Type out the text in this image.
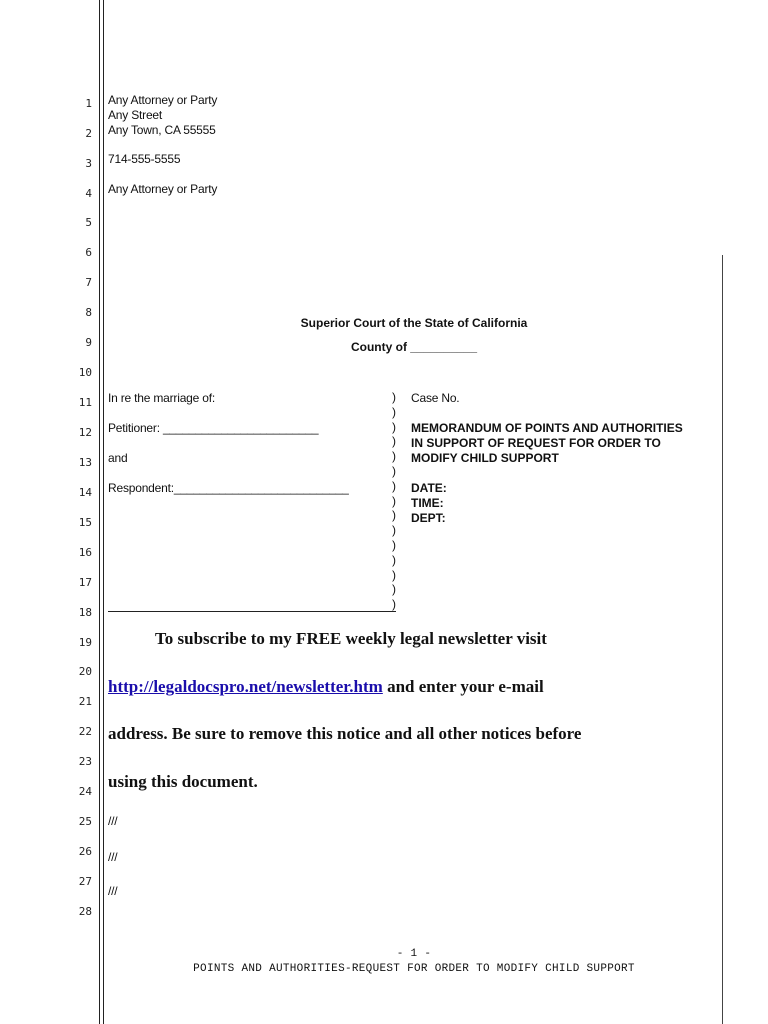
1
2
3
4
5
6
7
8
9
10
11
12
13
14
15
16
17
18
19
20
21
22
23
24
25
26
27
28
Any Attorney or Party
Any Street
Any Town, CA 55555
714-555-5555
Any Attorney or Party
Superior Court of the State of California
County of __________
In re the marriage of:
Petitioner: ________________________
and
Respondent:___________________________
)
)
)
)
)
)
)
)
)
)
)
)
)
)
)
Case No.
MEMORANDUM OF POINTS AND AUTHORITIES
IN SUPPORT OF REQUEST FOR ORDER TO
MODIFY CHILD SUPPORT
DATE:
TIME:
DEPT:
To subscribe to my FREE weekly legal newsletter visit
http://legaldocspro.net/newsletter.htm and enter your e-mail
address. Be sure to remove this notice and all other notices before
using this document.
///
///
///
- 1 -
POINTS AND AUTHORITIES-REQUEST FOR ORDER TO MODIFY CHILD SUPPORT
